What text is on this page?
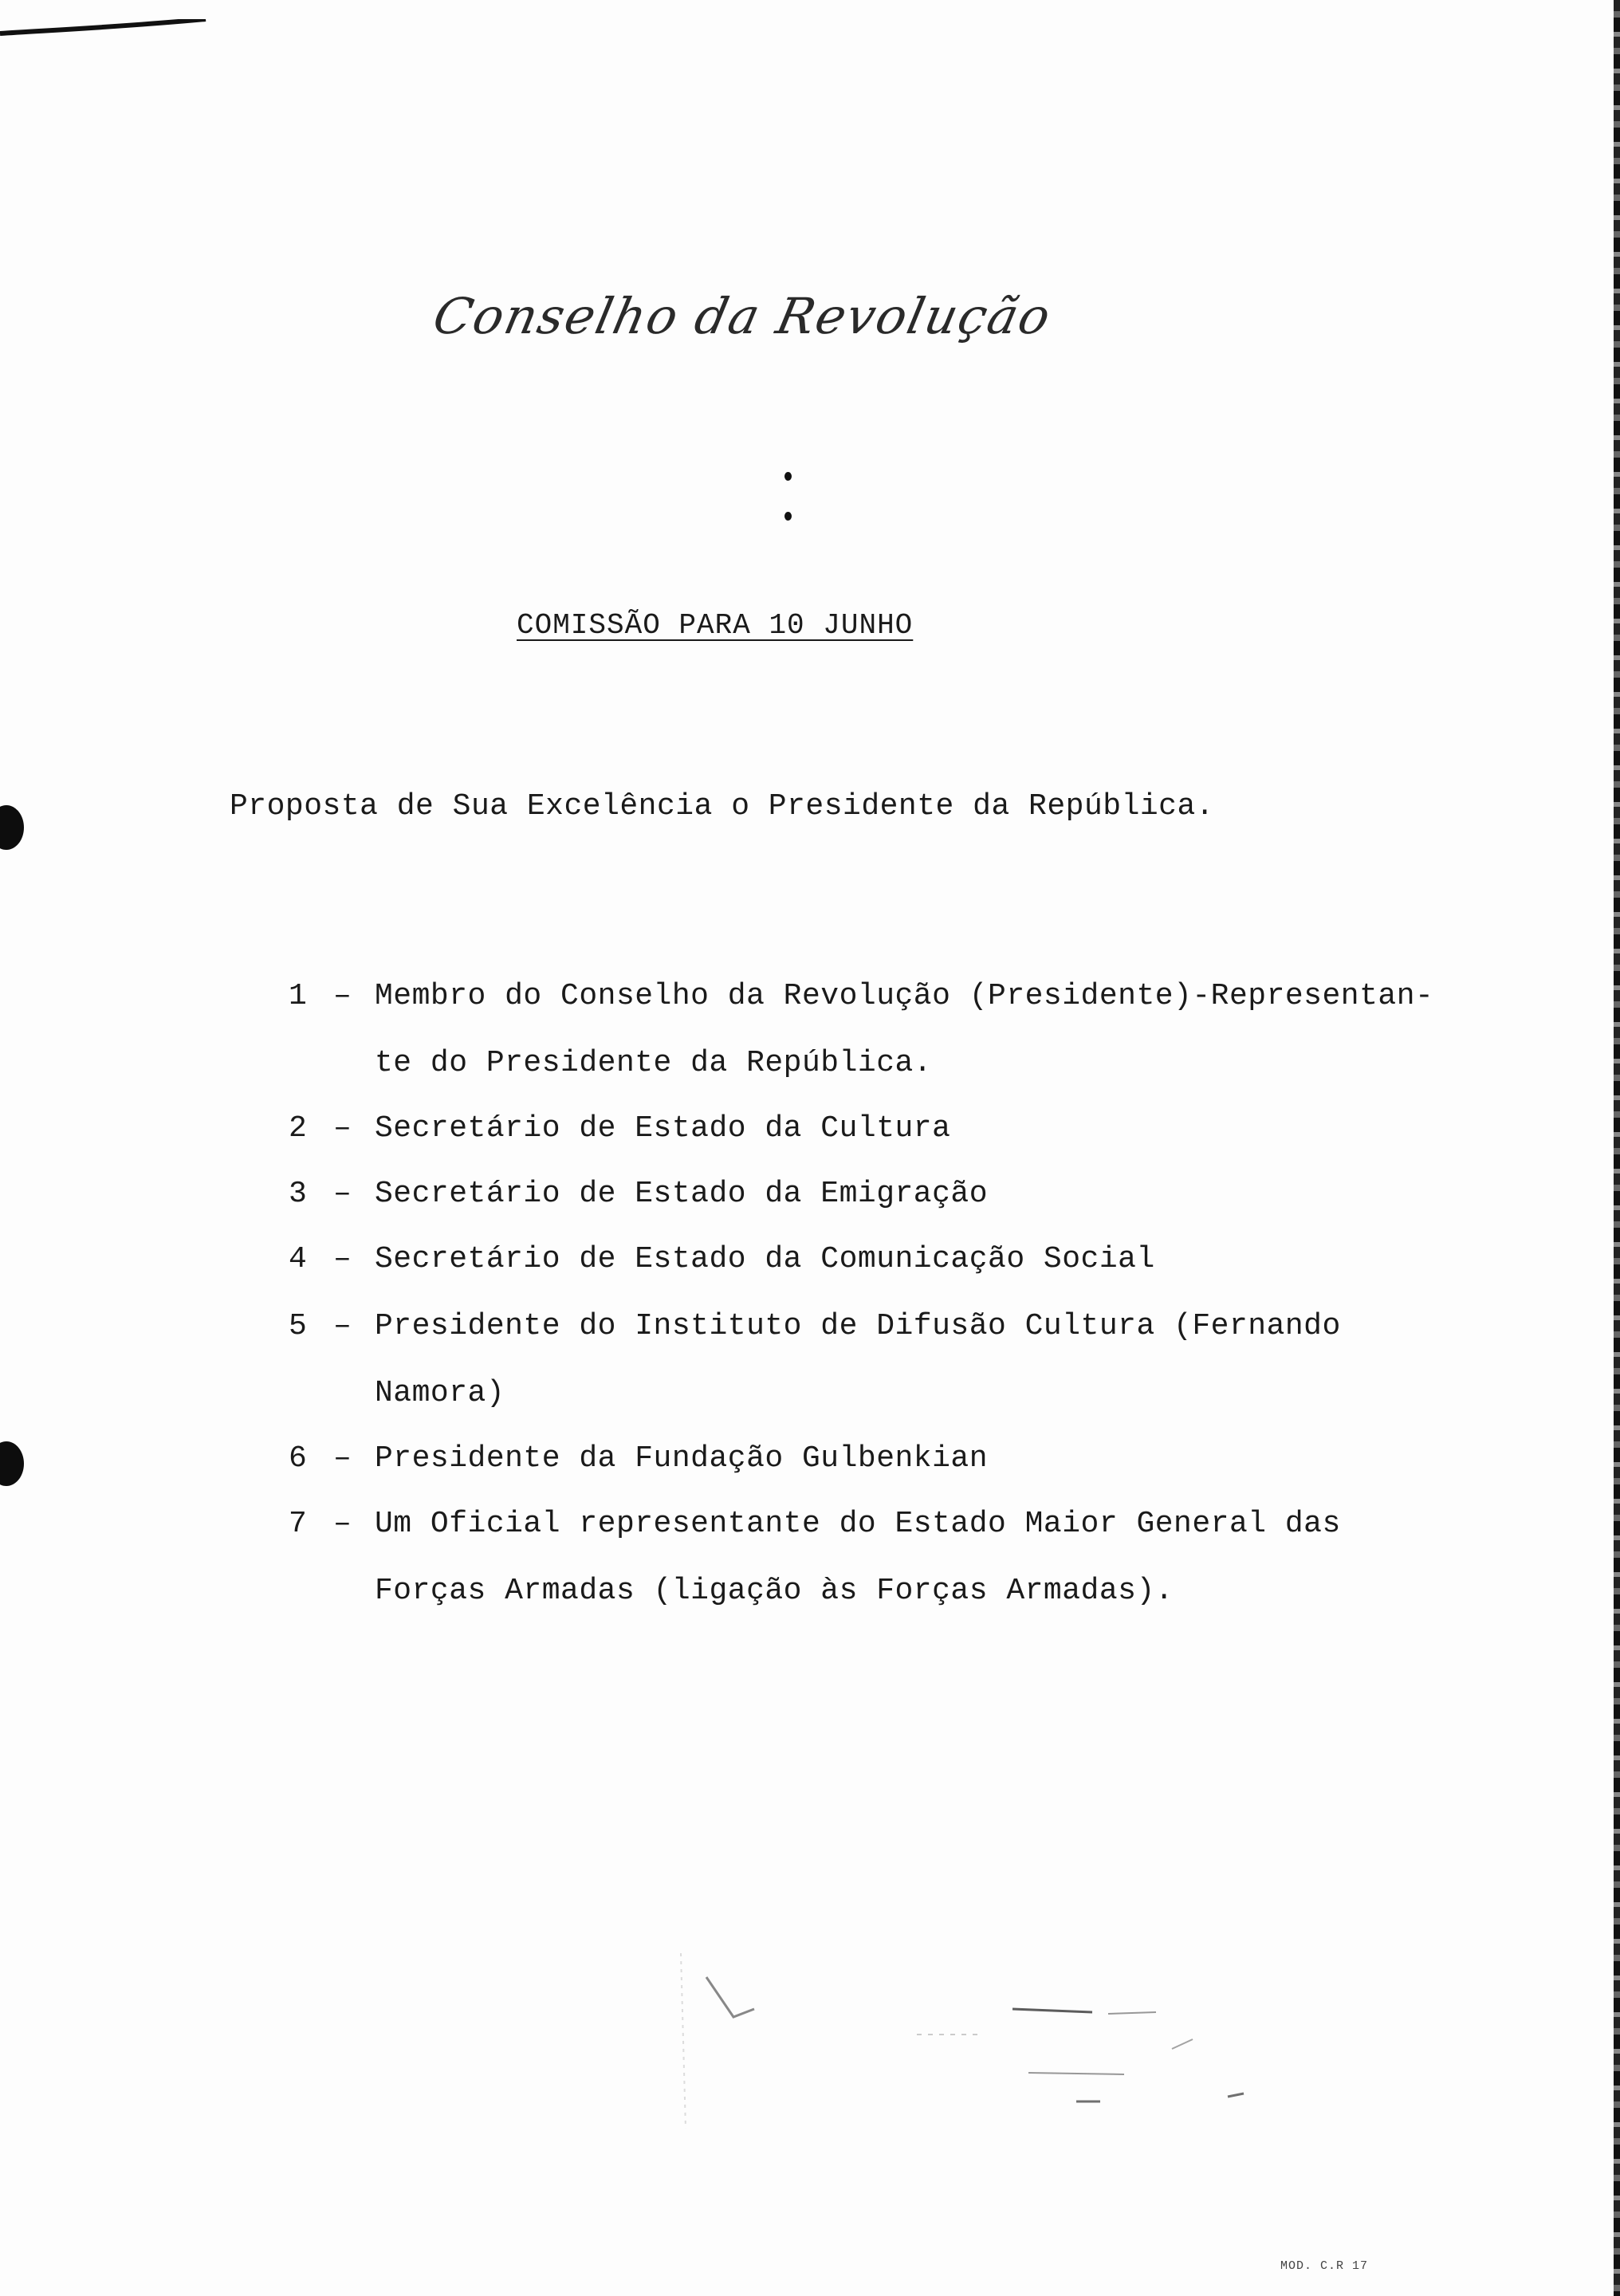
Conselho da Revolução
COMISSÃO PARA 10 JUNHO
Proposta de Sua Excelência o Presidente da República.
1 – Membro do Conselho da Revolução (Presidente)-Representan-
te do Presidente da República.
2 – Secretário de Estado da Cultura
3 – Secretário de Estado da Emigração
4 – Secretário de Estado da Comunicação Social
5 – Presidente do Instituto de Difusão Cultura (Fernando
Namora)
6 – Presidente da Fundação Gulbenkian
7 – Um Oficial representante do Estado Maior General das
Forças Armadas (ligação às Forças Armadas).
MOD. C.R 17
